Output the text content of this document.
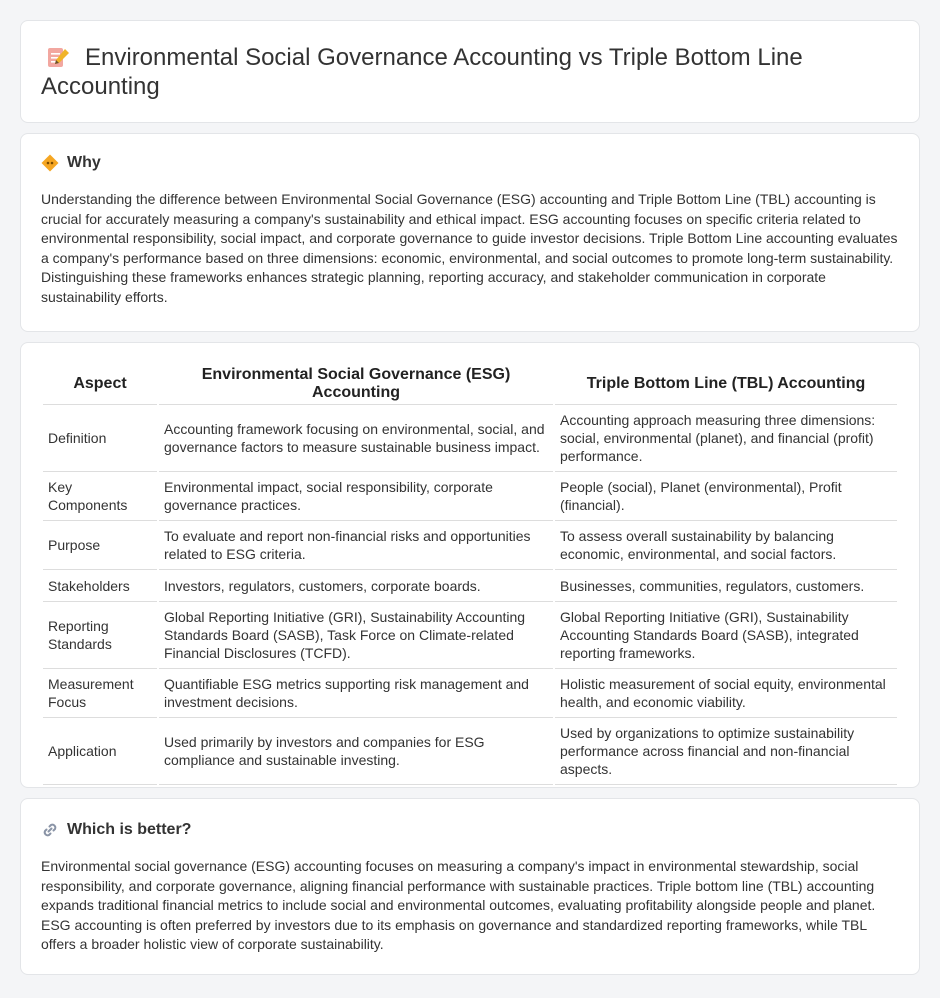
Environmental Social Governance Accounting vs Triple Bottom Line Accounting
Why

Understanding the difference between Environmental Social Governance (ESG) accounting and Triple Bottom Line (TBL) accounting is crucial for accurately measuring a company's sustainability and ethical impact. ESG accounting focuses on specific criteria related to environmental responsibility, social impact, and corporate governance to guide investor decisions. Triple Bottom Line accounting evaluates a company's performance based on three dimensions: economic, environmental, and social outcomes to promote long-term sustainability. Distinguishing these frameworks enhances strategic planning, reporting accuracy, and stakeholder communication in corporate sustainability efforts.

Aspect	Environmental Social Governance (ESG) Accounting	Triple Bottom Line (TBL) Accounting
Definition	Accounting framework focusing on environmental, social, and governance factors to measure sustainable business impact.	Accounting approach measuring three dimensions: social, environmental (planet), and financial (profit) performance.
Key Components	Environmental impact, social responsibility, corporate governance practices.	People (social), Planet (environmental), Profit (financial).
Purpose	To evaluate and report non-financial risks and opportunities related to ESG criteria.	To assess overall sustainability by balancing economic, environmental, and social factors.
Stakeholders	Investors, regulators, customers, corporate boards.	Businesses, communities, regulators, customers.
Reporting Standards	Global Reporting Initiative (GRI), Sustainability Accounting Standards Board (SASB), Task Force on Climate-related Financial Disclosures (TCFD).	Global Reporting Initiative (GRI), Sustainability Accounting Standards Board (SASB), integrated reporting frameworks.
Measurement Focus	Quantifiable ESG metrics supporting risk management and investment decisions.	Holistic measurement of social equity, environmental health, and economic viability.
Application	Used primarily by investors and companies for ESG compliance and sustainable investing.	Used by organizations to optimize sustainability performance across financial and non-financial aspects.
Which is better?

Environmental social governance (ESG) accounting focuses on measuring a company's impact in environmental stewardship, social responsibility, and corporate governance, aligning financial performance with sustainable practices. Triple bottom line (TBL) accounting expands traditional financial metrics to include social and environmental outcomes, evaluating profitability alongside people and planet. ESG accounting is often preferred by investors due to its emphasis on governance and standardized reporting frameworks, while TBL offers a broader holistic view of corporate sustainability.
